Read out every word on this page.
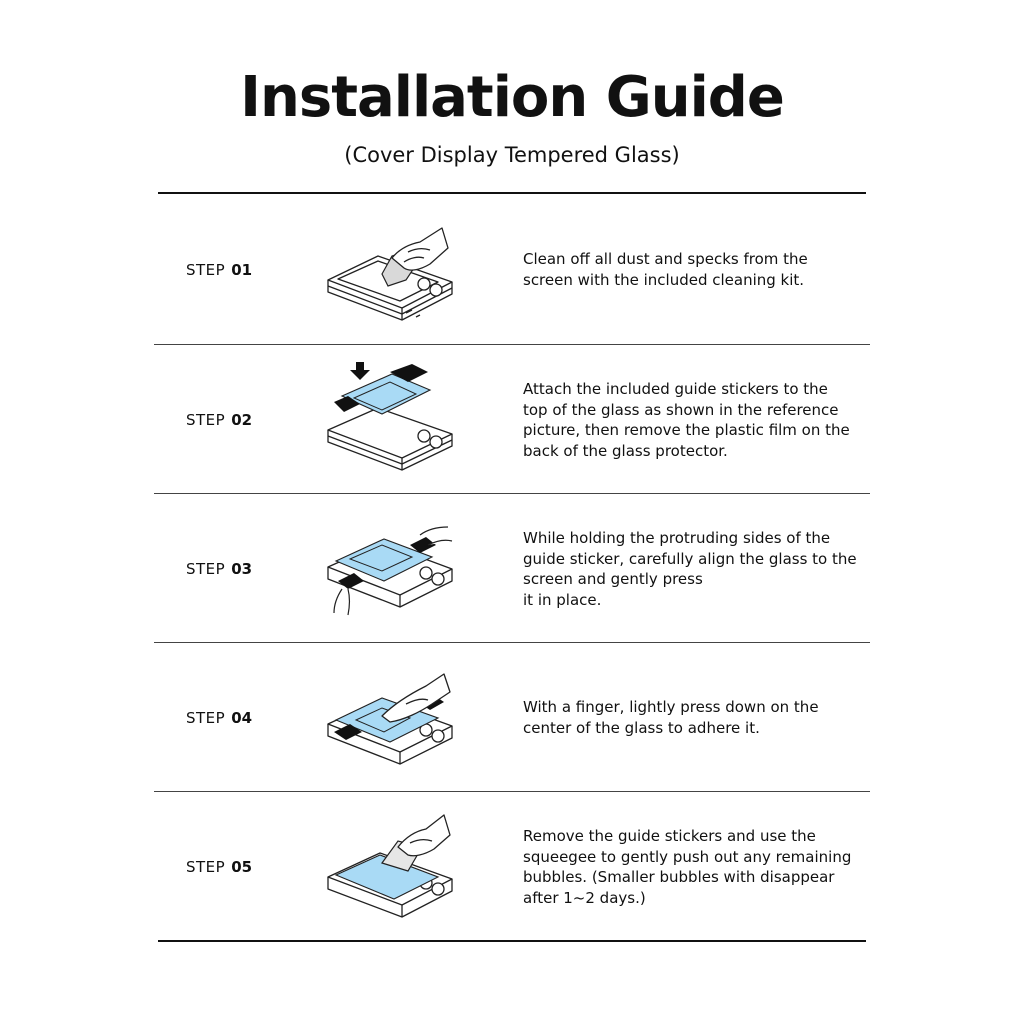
Installation Guide
(Cover Display Tempered Glass)
STEP 01
Clean off all dust and specks from the
screen with the included cleaning kit.
STEP 02
Attach the included guide stickers to the
top of the glass as shown in the reference
picture, then remove the plastic film on the
back of the glass protector.
STEP 03
While holding the protruding sides of the
guide sticker, carefully align the glass to the
screen and gently press
it in place.
STEP 04
With a finger, lightly press down on the
center of the glass to adhere it.
STEP 05
Remove the guide stickers and use the
squeegee to gently push out any remaining
bubbles. (Smaller bubbles with disappear
after 1~2 days.)
